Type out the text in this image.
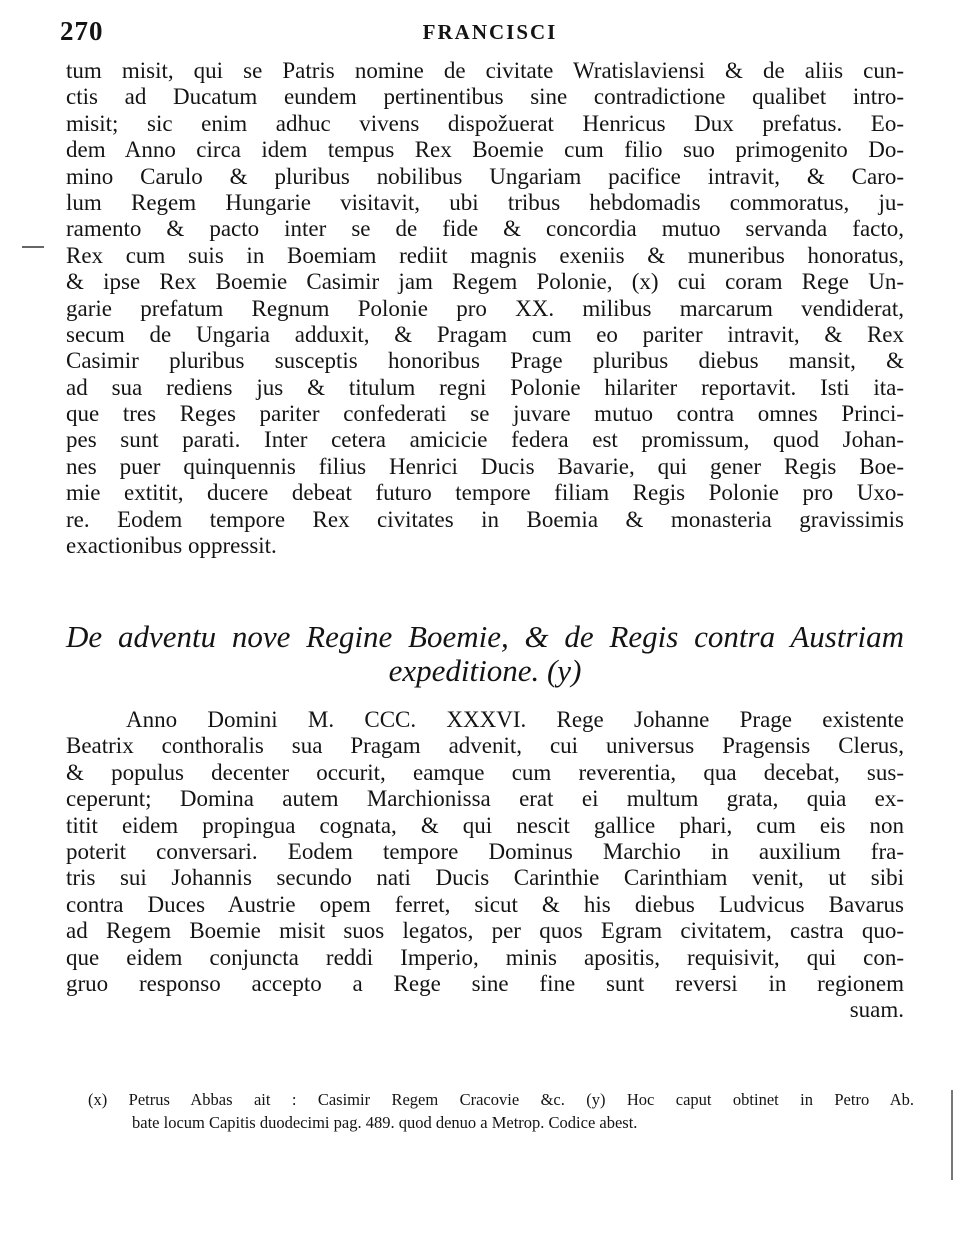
270	FRANCISCI
tum misit, qui se Patris nomine de civitate Wratislaviensi & de aliis cun-
ctis ad Ducatum eundem pertinentibus sine contradictione qualibet intro-
misit; sic enim adhuc vivens dispožuerat Henricus Dux prefatus. Eo-
dem Anno circa idem tempus Rex Boemie cum filio suo primogenito Do-
mino Carulo & pluribus nobilibus Ungariam pacifice intravit, & Caro-
lum Regem Hungarie visitavit, ubi tribus hebdomadis commoratus, ju-
ramento & pacto inter se de fide & concordia mutuo servanda facto,
Rex cum suis in Boemiam rediit magnis exeniis & muneribus honoratus,
& ipse Rex Boemie Casimir jam Regem Polonie, (x) cui coram Rege Un-
garie prefatum Regnum Polonie pro XX. milibus marcarum vendiderat,
secum de Ungaria adduxit, & Pragam cum eo pariter intravit, & Rex
Casimir pluribus susceptis honoribus Prage pluribus diebus mansit, &
ad sua rediens jus & titulum regni Polonie hilariter reportavit. Isti ita-
que tres Reges pariter confederati se juvare mutuo contra omnes Princi-
pes sunt parati. Inter cetera amicicie federa est promissum, quod Johan-
nes puer quinquennis filius Henrici Ducis Bavarie, qui gener Regis Boe-
mie extitit, ducere debeat futuro tempore filiam Regis Polonie pro Uxo-
re. Eodem tempore Rex civitates in Boemia & monasteria gravissimis
exactionibus oppressit.
De adventu nove Regine Boemie, & de Regis contra Austriam
expeditione. (y)
Anno Domini M. CCC. XXXVI. Rege Johanne Prage existente
Beatrix conthoralis sua Pragam advenit, cui universus Pragensis Clerus,
& populus decenter occurit, eamque cum reverentia, qua decebat, sus-
ceperunt; Domina autem Marchionissa erat ei multum grata, quia ex-
titit eidem propingua cognata, & qui nescit gallice phari, cum eis non
poterit conversari. Eodem tempore Dominus Marchio in auxilium fra-
tris sui Johannis secundo nati Ducis Carinthie Carinthiam venit, ut sibi
contra Duces Austrie opem ferret, sicut & his diebus Ludvicus Bavarus
ad Regem Boemie misit suos legatos, per quos Egram civitatem, castra quo-
que eidem conjuncta reddi Imperio, minis apositis, requisivit, qui con-
gruo responso accepto a Rege sine fine sunt reversi in regionem
suam.
(x) Petrus Abbas ait : Casimir Regem Cracovie &c. (y) Hoc caput obtinet in Petro Ab.
bate locum Capitis duodecimi pag. 489. quod denuo a Metrop. Codice abest.
